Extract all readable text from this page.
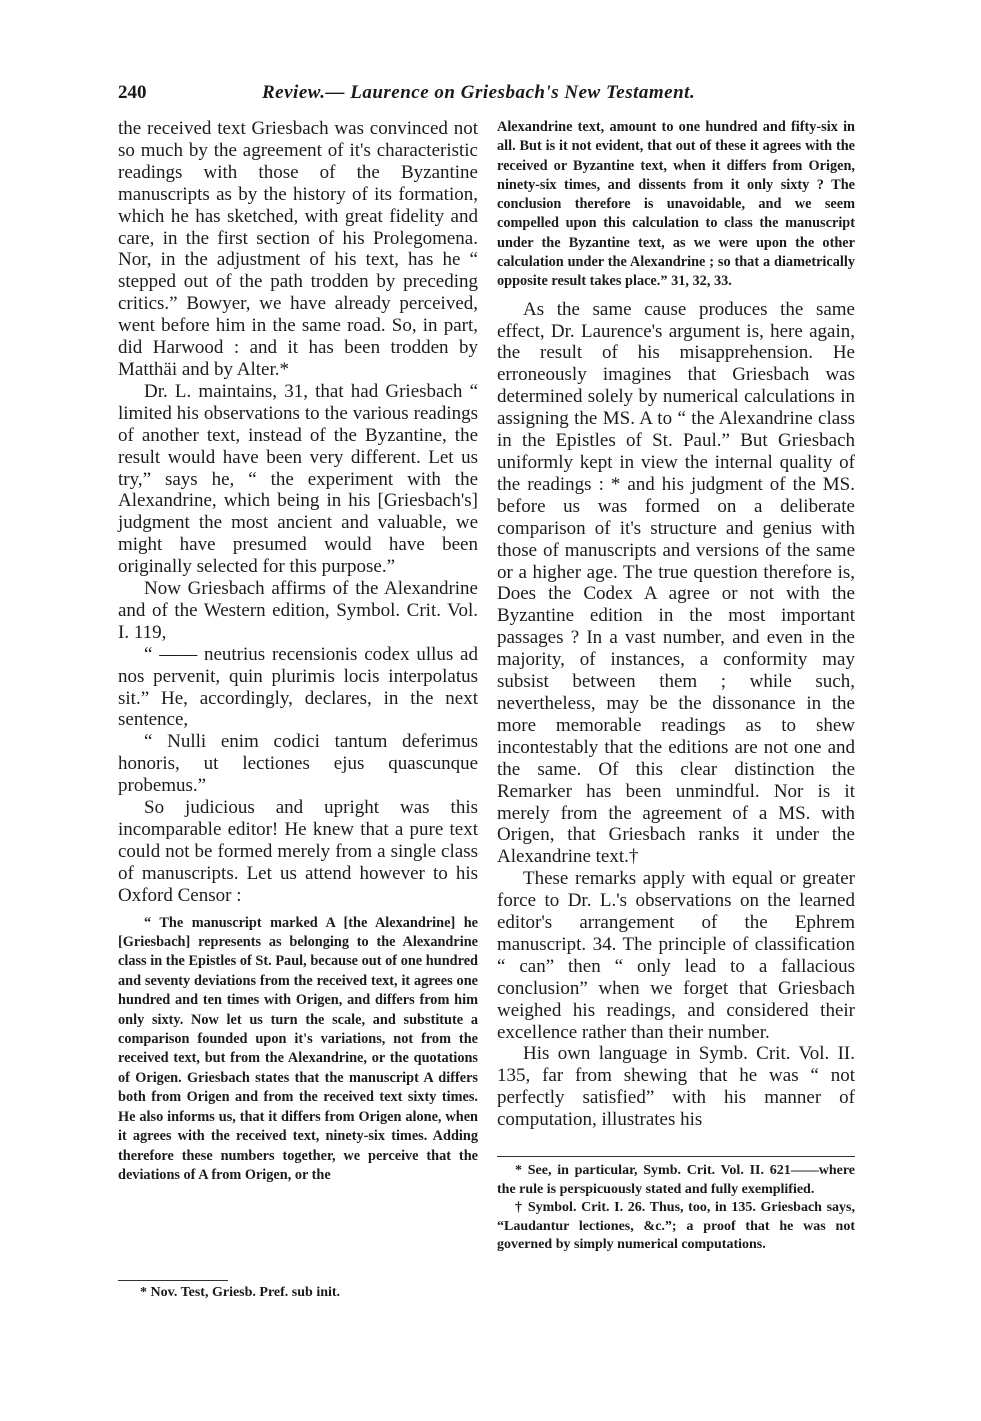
240	Review.— Laurence on Griesbach's New Testament.

the received text Griesbach was convinced not so much by the agreement of it's characteristic readings with those of the Byzantine manuscripts as by the history of its formation, which he has sketched, with great fidelity and care, in the first section of his Prolegomena. Nor, in the adjustment of his text, has he “ stepped out of the path trodden by preceding critics.” Bowyer, we have already perceived, went before him in the same road. So, in part, did Harwood : and it has been trodden by Matthäi and by Alter.*

Dr. L. maintains, 31, that had Griesbach “ limited his observations to the various readings of another text, instead of the Byzantine, the result would have been very different. Let us try,” says he, “ the experiment with the Alexandrine, which being in his [Griesbach's] judgment the most ancient and valuable, we might have presumed would have been originally selected for this purpose.”

Now Griesbach affirms of the Alexandrine and of the Western edition, Symbol. Crit. Vol. I. 119,

“ —— neutrius recensionis codex ullus ad nos pervenit, quin plurimis locis interpolatus sit.” He, accordingly, declares, in the next sentence,

“ Nulli enim codici tantum deferimus honoris, ut lectiones ejus quascunque probemus.”

So judicious and upright was this incomparable editor! He knew that a pure text could not be formed merely from a single class of manuscripts. Let us attend however to his Oxford Censor :

“ The manuscript marked A [the Alexandrine] he [Griesbach] represents as belonging to the Alexandrine class in the Epistles of St. Paul, because out of one hundred and seventy deviations from the received text, it agrees one hundred and ten times with Origen, and differs from him only sixty. Now let us turn the scale, and substitute a comparison founded upon it's variations, not from the received text, but from the Alexandrine, or the quotations of Origen. Griesbach states that the manuscript A differs both from Origen and from the received text sixty times. He also informs us, that it differs from Origen alone, when it agrees with the received text, ninety-six times. Adding therefore these numbers together, we perceive that the deviations of A from Origen, or the

* Nov. Test, Griesb. Pref. sub init.

Alexandrine text, amount to one hundred and fifty-six in all. But is it not evident, that out of these it agrees with the received or Byzantine text, when it differs from Origen, ninety-six times, and dissents from it only sixty ? The conclusion therefore is unavoidable, and we seem compelled upon this calculation to class the manuscript under the Byzantine text, as we were upon the other calculation under the Alexandrine ; so that a diametrically opposite result takes place.” 31, 32, 33.

As the same cause produces the same effect, Dr. Laurence's argument is, here again, the result of his misapprehension. He erroneously imagines that Griesbach was determined solely by numerical calculations in assigning the MS. A to “ the Alexandrine class in the Epistles of St. Paul.” But Griesbach uniformly kept in view the internal quality of the readings : * and his judgment of the MS. before us was formed on a deliberate comparison of it's structure and genius with those of manuscripts and versions of the same or a higher age. The true question therefore is, Does the Codex A agree or not with the Byzantine edition in the most important passages ? In a vast number, and even in the majority, of instances, a conformity may subsist between them ; while such, nevertheless, may be the dissonance in the more memorable readings as to shew incontestably that the editions are not one and the same. Of this clear distinction the Remarker has been unmindful. Nor is it merely from the agreement of a MS. with Origen, that Griesbach ranks it under the Alexandrine text.†

These remarks apply with equal or greater force to Dr. L.'s observations on the learned editor's arrangement of the Ephrem manuscript. 34. The principle of classification “ can” then “ only lead to a fallacious conclusion” when we forget that Griesbach weighed his readings, and considered their excellence rather than their number.

His own language in Symb. Crit. Vol. II. 135, far from shewing that he was “ not perfectly satisfied” with his manner of computation, illustrates his

* See, in particular, Symb. Crit. Vol. II. 621——where the rule is perspicuously stated and fully exemplified.

† Symbol. Crit. I. 26. Thus, too, in 135. Griesbach says, “Laudantur lectiones, &c.”; a proof that he was not governed by simply numerical computations.
